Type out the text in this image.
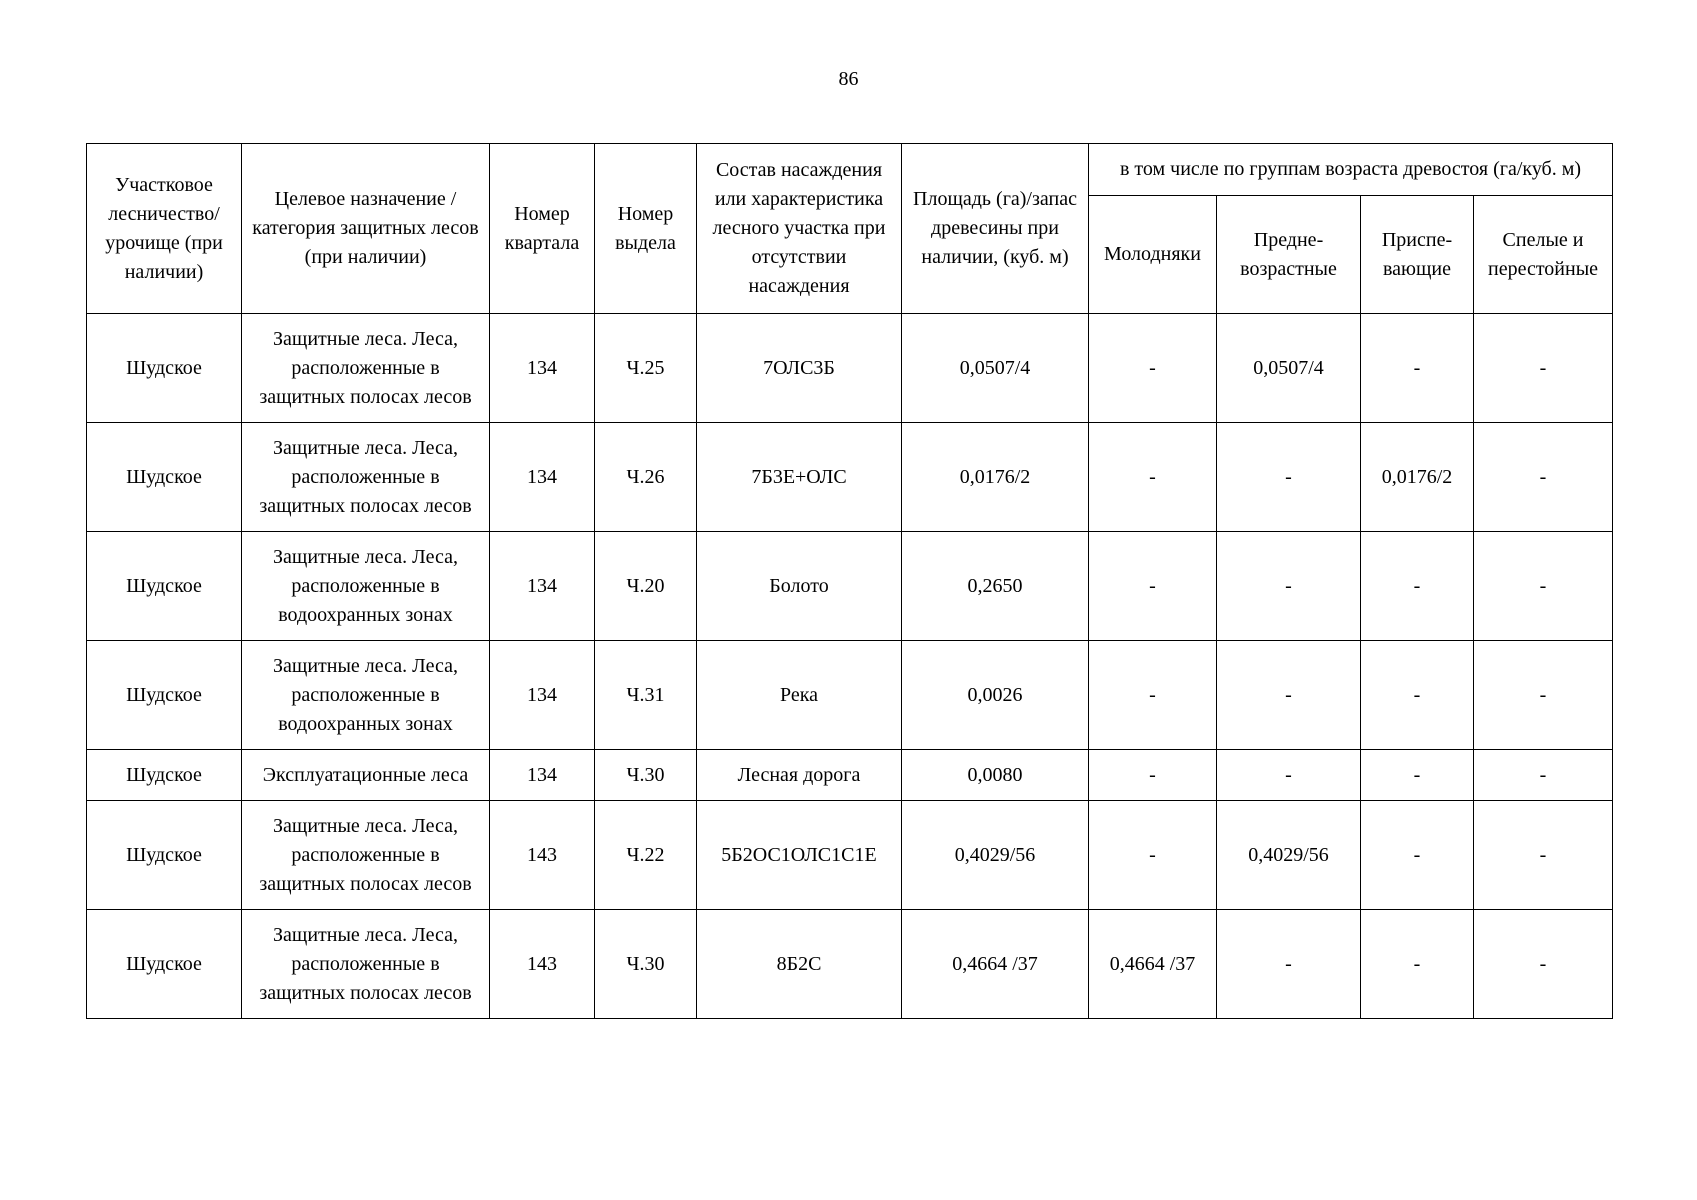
86
Участковое лесничество/ урочище (при наличии)	Целевое назначение / категория защитных лесов (при наличии)	Номер квартала	Номер выдела	Состав насаждения или характеристика лесного участка при отсутствии насаждения	Площадь (га)/запас древесины при наличии, (куб. м)	в том числе по группам возраста древостоя (га/куб. м)			
						Молодняки	Предне-возрастные	Приспе-вающие	Спелые и перестойные
Шудское	Защитные леса. Леса, расположенные в защитных полосах лесов	134	Ч.25	7ОЛС3Б	0,0507/4	-	0,0507/4	-	-
Шудское	Защитные леса. Леса, расположенные в защитных полосах лесов	134	Ч.26	7Б3Е+ОЛС	0,0176/2	-	-	0,0176/2	-
Шудское	Защитные леса. Леса, расположенные в водоохранных зонах	134	Ч.20	Болото	0,2650	-	-	-	-
Шудское	Защитные леса. Леса, расположенные в водоохранных зонах	134	Ч.31	Река	0,0026	-	-	-	-
Шудское	Эксплуатационные леса	134	Ч.30	Лесная дорога	0,0080	-	-	-	-
Шудское	Защитные леса. Леса, расположенные в защитных полосах лесов	143	Ч.22	5Б2ОС1ОЛС1С1Е	0,4029/56	-	0,4029/56	-	-
Шудское	Защитные леса. Леса, расположенные в защитных полосах лесов	143	Ч.30	8Б2С	0,4664 /37	0,4664 /37	-	-	-
